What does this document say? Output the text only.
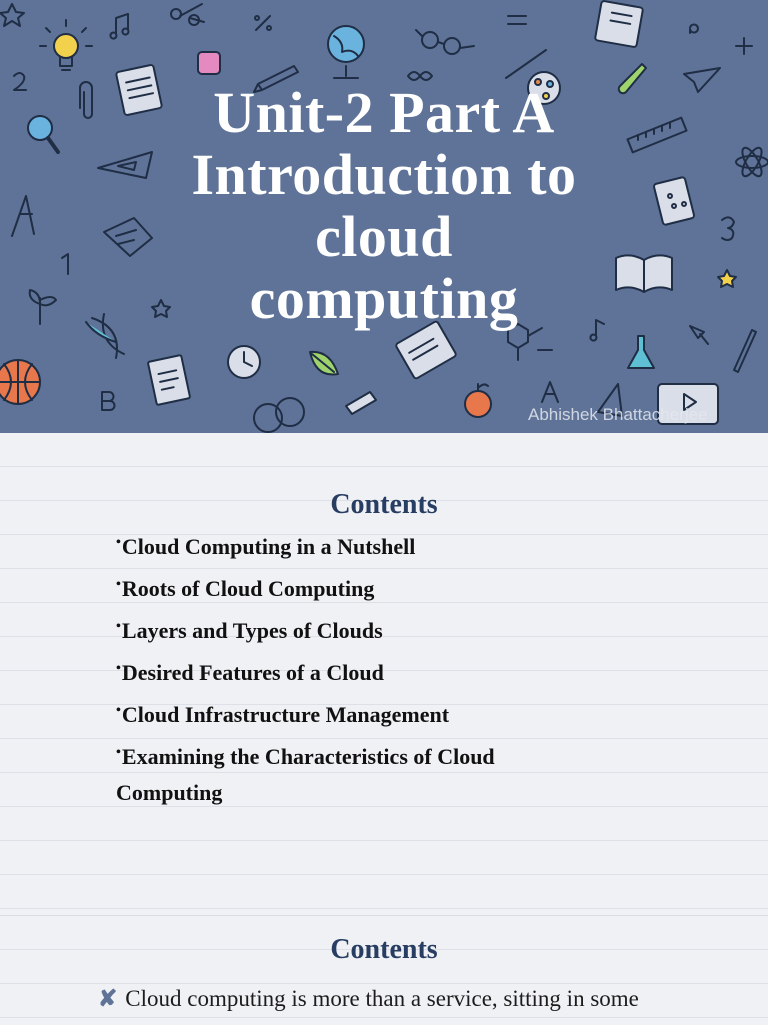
Unit-2 Part A
Introduction to
cloud
computing
Abhishek Bhattacherjee
Contents
•Cloud Computing in a Nutshell
•Roots of Cloud Computing
•Layers and Types of Clouds
•Desired Features of a Cloud
•Cloud Infrastructure Management
•Examining the Characteristics of Cloud Computing
Contents
✘ Cloud computing is more than a service, sitting in some
